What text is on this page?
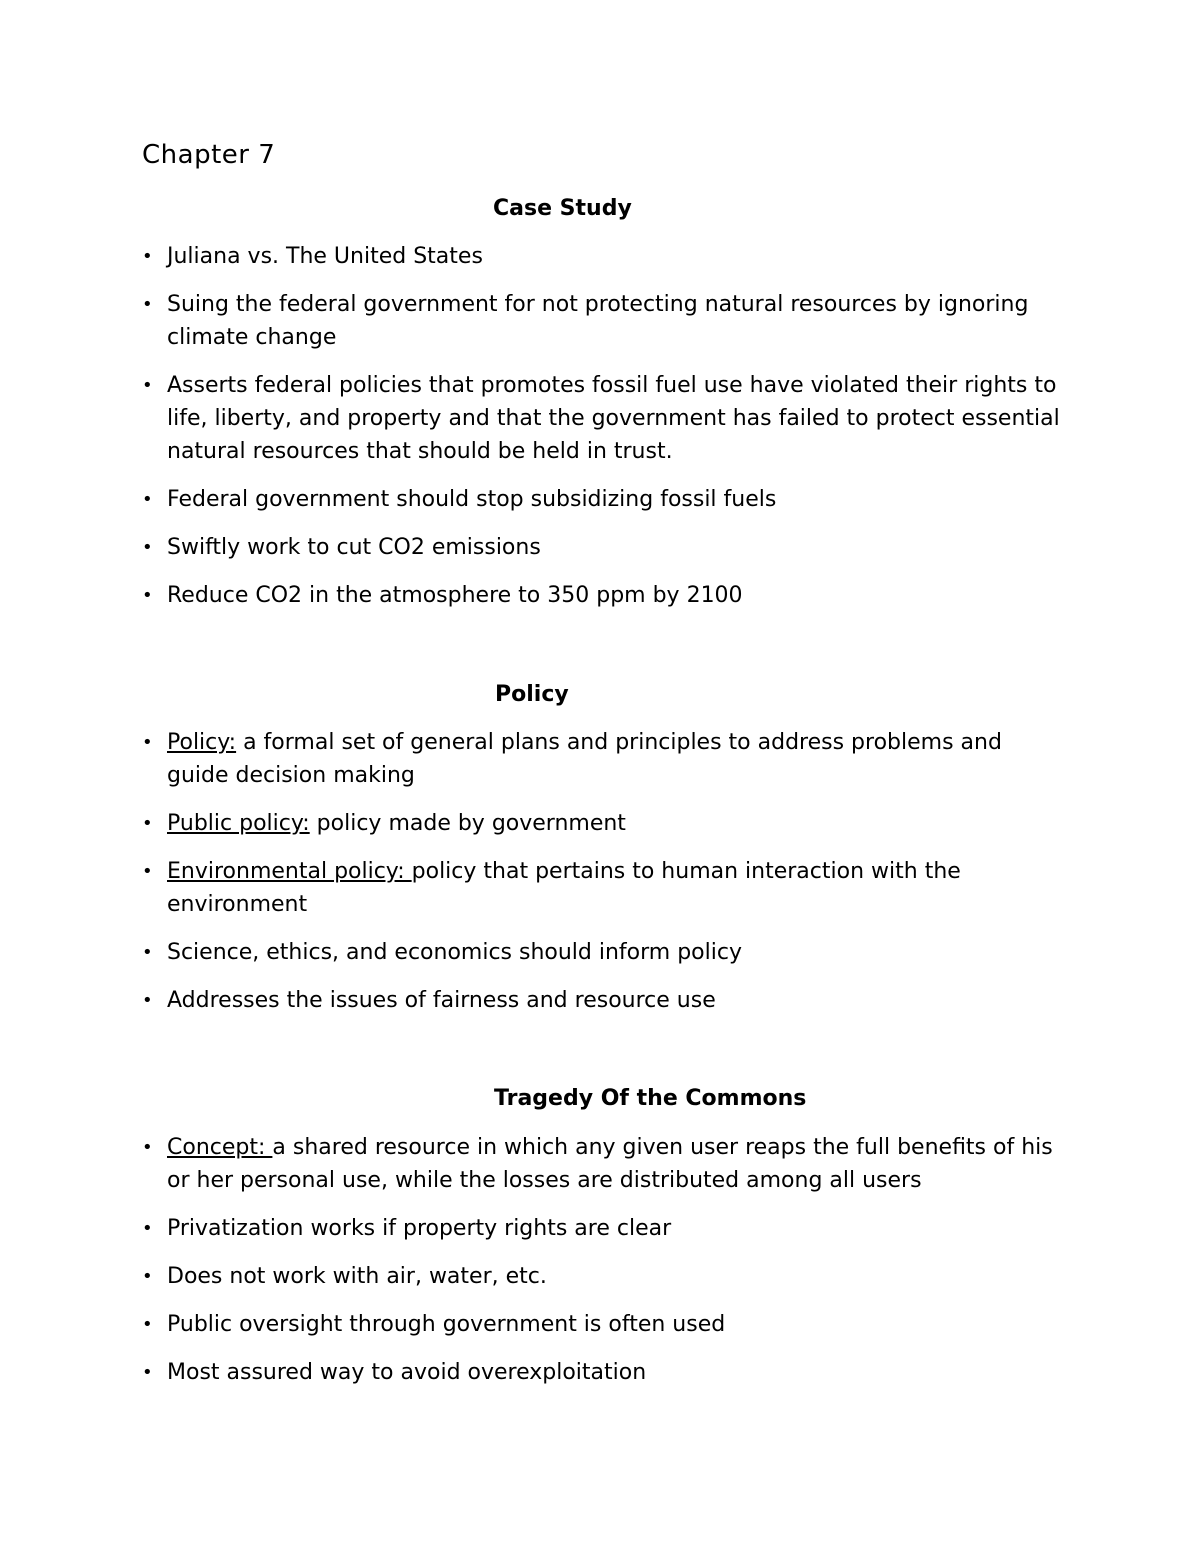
Chapter 7
Case Study
• Juliana vs. The United States
• Suing the federal government for not protecting natural resources by ignoring climate change
• Asserts federal policies that promotes fossil fuel use have violated their rights to life, liberty, and property and that the government has failed to protect essential natural resources that should be held in trust.
• Federal government should stop subsidizing fossil fuels
• Swiftly work to cut CO2 emissions
• Reduce CO2 in the atmosphere to 350 ppm by 2100
Policy
• Policy: a formal set of general plans and principles to address problems and guide decision making
• Public policy: policy made by government
• Environmental policy: policy that pertains to human interaction with the environment
• Science, ethics, and economics should inform policy
• Addresses the issues of fairness and resource use
Tragedy Of the Commons
• Concept: a shared resource in which any given user reaps the full benefits of his or her personal use, while the losses are distributed among all users
• Privatization works if property rights are clear
• Does not work with air, water, etc.
• Public oversight through government is often used
• Most assured way to avoid overexploitation
